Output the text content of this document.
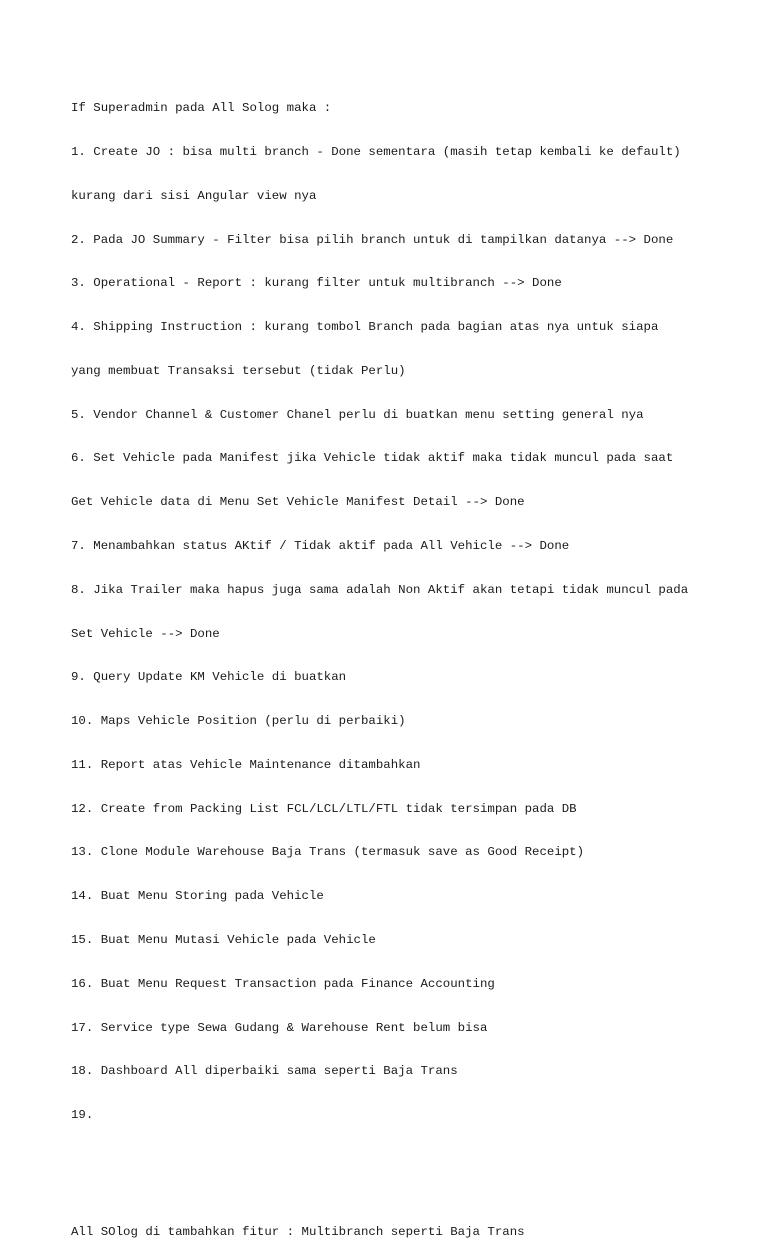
If Superadmin pada All Solog maka :

1. Create JO : bisa multi branch - Done sementara (masih tetap kembali ke default)

kurang dari sisi Angular view nya

2. Pada JO Summary - Filter bisa pilih branch untuk di tampilkan datanya --> Done

3. Operational - Report : kurang filter untuk multibranch --> Done

4. Shipping Instruction : kurang tombol Branch pada bagian atas nya untuk siapa

yang membuat Transaksi tersebut (tidak Perlu)

5. Vendor Channel & Customer Chanel perlu di buatkan menu setting general nya

6. Set Vehicle pada Manifest jika Vehicle tidak aktif maka tidak muncul pada saat

Get Vehicle data di Menu Set Vehicle Manifest Detail --> Done

7. Menambahkan status AKtif / Tidak aktif pada All Vehicle --> Done

8. Jika Trailer maka hapus juga sama adalah Non Aktif akan tetapi tidak muncul pada

Set Vehicle --> Done

9. Query Update KM Vehicle di buatkan

10. Maps Vehicle Position (perlu di perbaiki)

11. Report atas Vehicle Maintenance ditambahkan

12. Create from Packing List FCL/LCL/LTL/FTL tidak tersimpan pada DB

13. Clone Module Warehouse Baja Trans (termasuk save as Good Receipt)

14. Buat Menu Storing pada Vehicle

15. Buat Menu Mutasi Vehicle pada Vehicle

16. Buat Menu Request Transaction pada Finance Accounting

17. Service type Sewa Gudang & Warehouse Rent belum bisa

18. Dashboard All diperbaiki sama seperti Baja Trans

19.

All SOlog di tambahkan fitur : Multibranch seperti Baja Trans
